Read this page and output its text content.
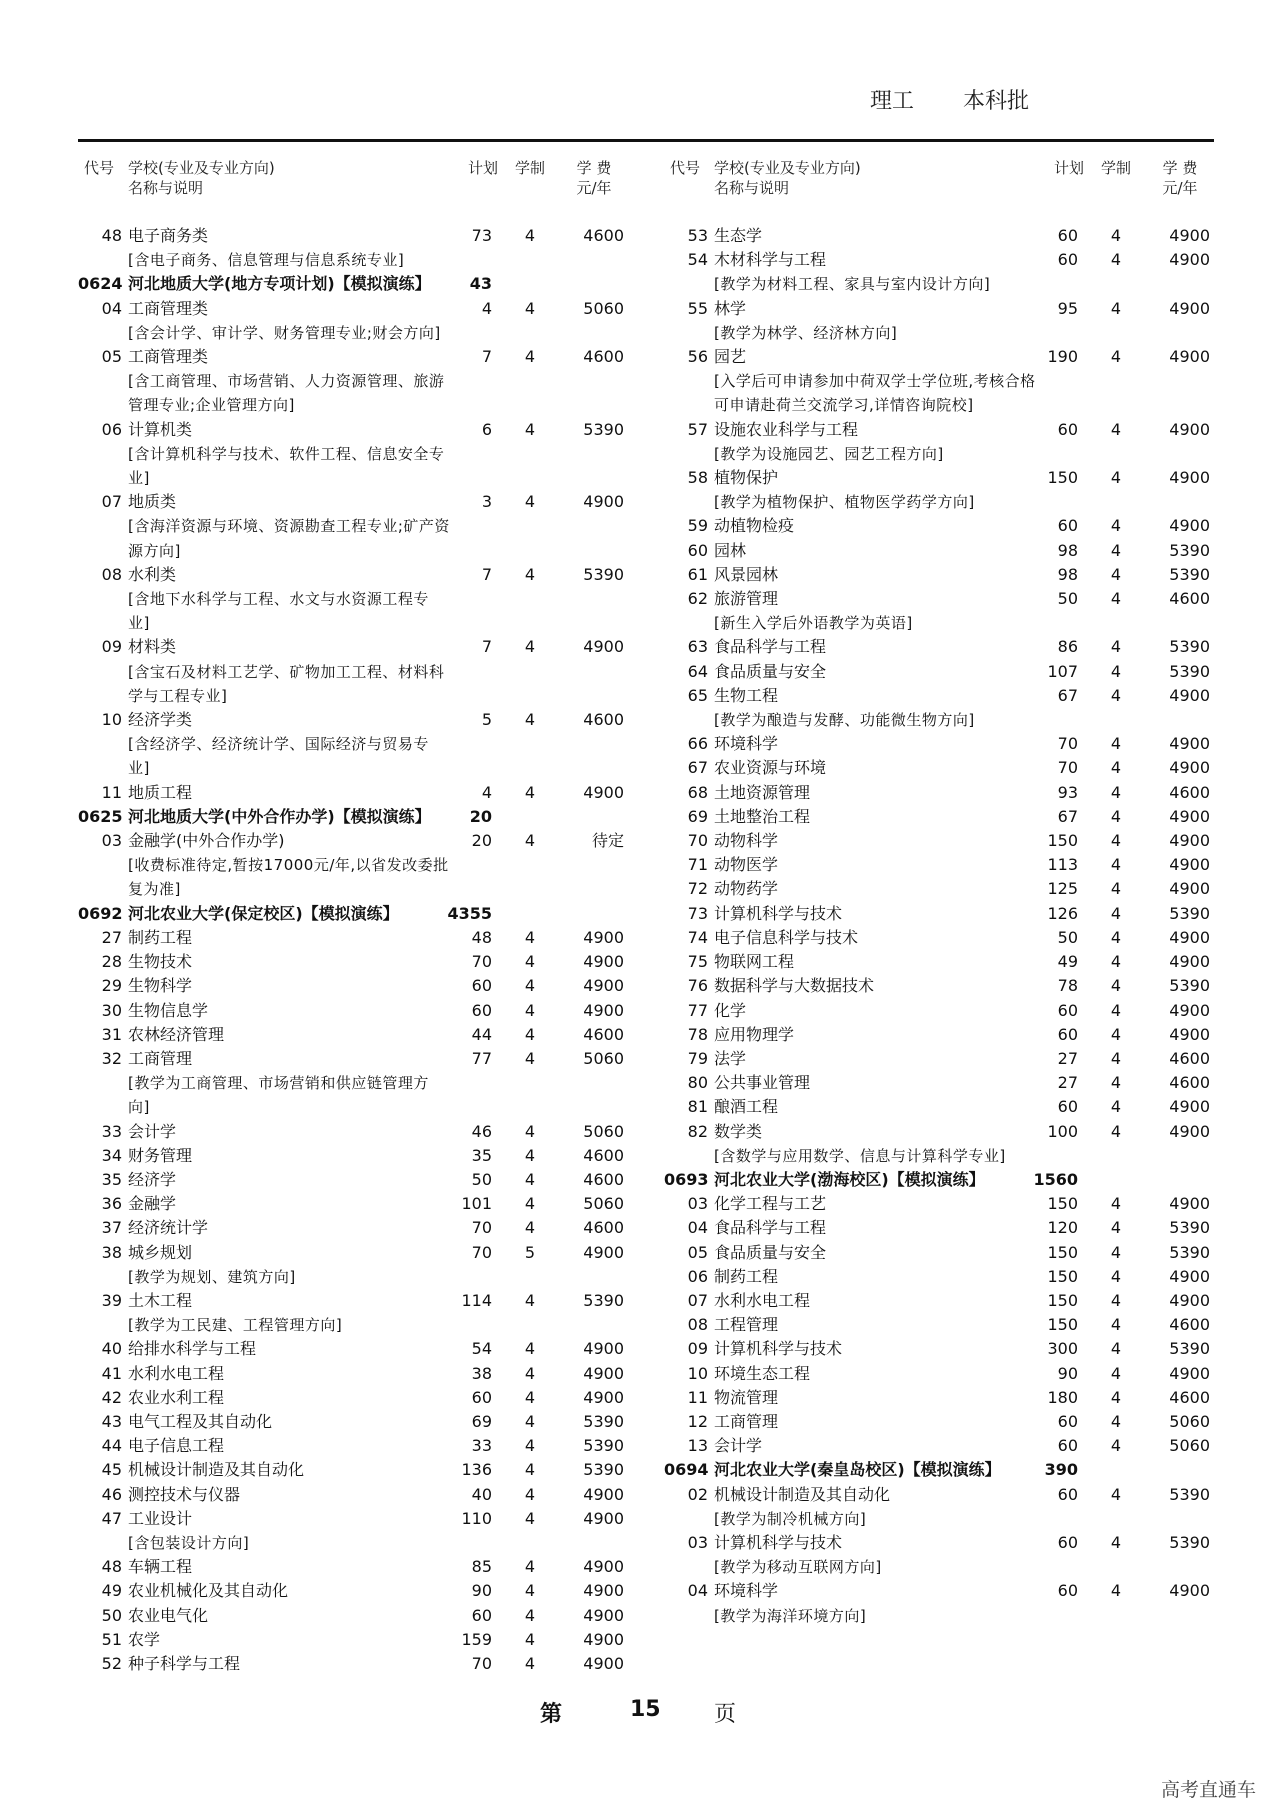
理工 本科批
代号 学校(专业及专业方向)
名称与说明
计划	学制	学 费
元/年
48 电子商务类	73	4	4600
[含电子商务、信息管理与信息系统专业]
0624 河北地质大学(地方专项计划)【模拟演练】	43
04 工商管理类	4	4	5060
[含会计学、审计学、财务管理专业;财会方向]
05 工商管理类	7	4	4600
[含工商管理、市场营销、人力资源管理、旅游管理专业;企业管理方向]
06 计算机类	6	4	5390
[含计算机科学与技术、软件工程、信息安全专业]
07 地质类	3	4	4900
[含海洋资源与环境、资源勘查工程专业;矿产资源方向]
08 水利类	7	4	5390
[含地下水科学与工程、水文与水资源工程专业]
09 材料类	7	4	4900
[含宝石及材料工艺学、矿物加工工程、材料科学与工程专业]
10 经济学类	5	4	4600
[含经济学、经济统计学、国际经济与贸易专业]
11 地质工程	4	4	4900
0625 河北地质大学(中外合作办学)【模拟演练】	20
03 金融学(中外合作办学)	20	4	待定
[收费标准待定,暂按17000元/年,以省发改委批复为准]
0692 河北农业大学(保定校区)【模拟演练】	4355
27 制药工程	48	4	4900
28 生物技术	70	4	4900
29 生物科学	60	4	4900
30 生物信息学	60	4	4900
31 农林经济管理	44	4	4600
32 工商管理	77	4	5060
[教学为工商管理、市场营销和供应链管理方向]
33 会计学	46	4	5060
34 财务管理	35	4	4600
35 经济学	50	4	4600
36 金融学	101	4	5060
37 经济统计学	70	4	4600
38 城乡规划	70	5	4900
[教学为规划、建筑方向]
39 土木工程	114	4	5390
[教学为工民建、工程管理方向]
40 给排水科学与工程	54	4	4900
41 水利水电工程	38	4	4900
42 农业水利工程	60	4	4900
43 电气工程及其自动化	69	4	5390
44 电子信息工程	33	4	5390
45 机械设计制造及其自动化	136	4	5390
46 测控技术与仪器	40	4	4900
47 工业设计	110	4	4900
[含包装设计方向]
48 车辆工程	85	4	4900
49 农业机械化及其自动化	90	4	4900
50 农业电气化	60	4	4900
51 农学	159	4	4900
52 种子科学与工程	70	4	4900
代号 学校(专业及专业方向)
名称与说明
计划	学制	学 费
元/年
53 生态学	60	4	4900
54 木材科学与工程	60	4	4900
[教学为材料工程、家具与室内设计方向]
55 林学	95	4	4900
[教学为林学、经济林方向]
56 园艺	190	4	4900
[入学后可申请参加中荷双学士学位班,考核合格可申请赴荷兰交流学习,详情咨询院校]
57 设施农业科学与工程	60	4	4900
[教学为设施园艺、园艺工程方向]
58 植物保护	150	4	4900
[教学为植物保护、植物医学药学方向]
59 动植物检疫	60	4	4900
60 园林	98	4	5390
61 风景园林	98	4	5390
62 旅游管理	50	4	4600
[新生入学后外语教学为英语]
63 食品科学与工程	86	4	5390
64 食品质量与安全	107	4	5390
65 生物工程	67	4	4900
[教学为酿造与发酵、功能微生物方向]
66 环境科学	70	4	4900
67 农业资源与环境	70	4	4900
68 土地资源管理	93	4	4600
69 土地整治工程	67	4	4900
70 动物科学	150	4	4900
71 动物医学	113	4	4900
72 动物药学	125	4	4900
73 计算机科学与技术	126	4	5390
74 电子信息科学与技术	50	4	4900
75 物联网工程	49	4	4900
76 数据科学与大数据技术	78	4	5390
77 化学	60	4	4900
78 应用物理学	60	4	4900
79 法学	27	4	4600
80 公共事业管理	27	4	4600
81 酿酒工程	60	4	4900
82 数学类	100	4	4900
[含数学与应用数学、信息与计算科学专业]
0693 河北农业大学(渤海校区)【模拟演练】	1560
03 化学工程与工艺	150	4	4900
04 食品科学与工程	120	4	5390
05 食品质量与安全	150	4	5390
06 制药工程	150	4	4900
07 水利水电工程	150	4	4900
08 工程管理	150	4	4600
09 计算机科学与技术	300	4	5390
10 环境生态工程	90	4	4900
11 物流管理	180	4	4600
12 工商管理	60	4	5060
13 会计学	60	4	5060
0694 河北农业大学(秦皇岛校区)【模拟演练】	390
02 机械设计制造及其自动化	60	4	5390
[教学为制冷机械方向]
03 计算机科学与技术	60	4	5390
[教学为移动互联网方向]
04 环境科学	60	4	4900
[教学为海洋环境方向]
第	15 页
高考直通车
